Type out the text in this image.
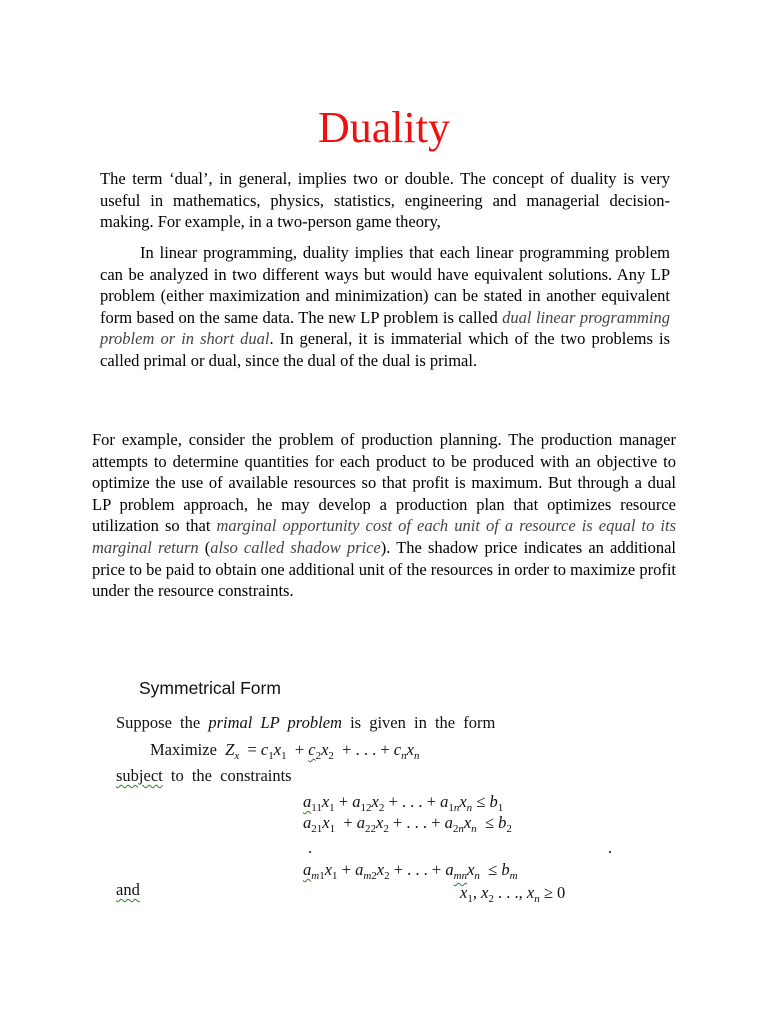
Duality

The term ‘dual’, in general, implies two or double. The concept of duality is very useful in mathematics, physics, statistics, engineering and managerial decision-making. For example, in a two-person game theory,

In linear programming, duality implies that each linear programming problem can be analyzed in two different ways but would have equivalent solutions. Any LP problem (either maximization and minimization) can be stated in another equivalent form based on the same data. The new LP problem is called dual linear programming problem or in short dual. In general, it is immaterial which of the two problems is called primal or dual, since the dual of the dual is primal.

For example, consider the problem of production planning. The production manager attempts to determine quantities for each product to be produced with an objective to optimize the use of available resources so that profit is maximum. But through a dual LP problem approach, he may develop a production plan that optimizes resource utilization so that marginal opportunity cost of each unit of a resource is equal to its marginal return (also called shadow price). The shadow price indicates an additional price to be paid to obtain one additional unit of the resources in order to maximize profit under the resource constraints.

Symmetrical Form
Suppose the primal LP problem is given in the form
Maximize $Z_x = c_1x_1 + c_2x_2$  + . . . + $c_nx_n$
subject to the constraints
$a_{11}x_1 + a_{12}x_2$ + . . . + $a_{1n}x_n \le b_1$
$a_{21}x_1 + a_{22}x_2$ + . . . + $a_{2n}x_n \le b_2$
.	.
$a_{m1}x_1 + a_{m2}x_2$ + . . . + $a_{mn}x_n \le b_m$
and	$x_1$, $x_2$ . . ., $x_n \ge 0$
